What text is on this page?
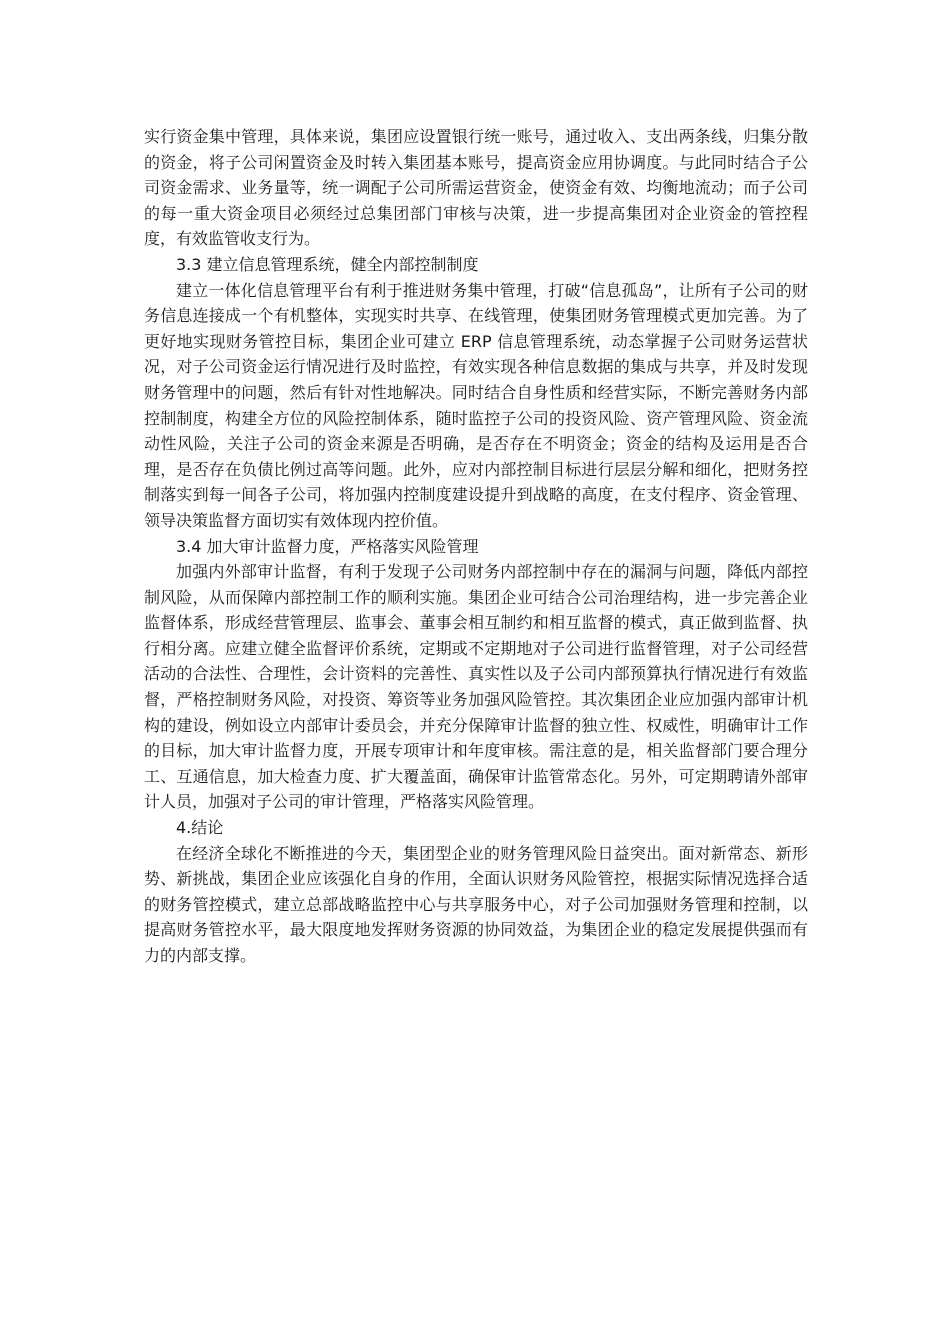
实行资金集中管理，具体来说，集团应设置银行统一账号，通过收入、支出两条线，归集分散的资金，将子公司闲置资金及时转入集团基本账号，提高资金应用协调度。与此同时结合子公司资金需求、业务量等，统一调配子公司所需运营资金，使资金有效、均衡地流动；而子公司的每一重大资金项目必须经过总集团部门审核与决策，进一步提高集团对企业资金的管控程度，有效监管收支行为。

3.3 建立信息管理系统，健全内部控制制度

建立一体化信息管理平台有利于推进财务集中管理，打破“信息孤岛”，让所有子公司的财务信息连接成一个有机整体，实现实时共享、在线管理，使集团财务管理模式更加完善。为了更好地实现财务管控目标，集团企业可建立 ERP 信息管理系统，动态掌握子公司财务运营状况，对子公司资金运行情况进行及时监控，有效实现各种信息数据的集成与共享，并及时发现财务管理中的问题，然后有针对性地解决。同时结合自身性质和经营实际，不断完善财务内部控制制度，构建全方位的风险控制体系，随时监控子公司的投资风险、资产管理风险、资金流动性风险，关注子公司的资金来源是否明确，是否存在不明资金；资金的结构及运用是否合理，是否存在负债比例过高等问题。此外，应对内部控制目标进行层层分解和细化，把财务控制落实到每一间各子公司，将加强内控制度建设提升到战略的高度，在支付程序、资金管理、领导决策监督方面切实有效体现内控价值。

3.4 加大审计监督力度，严格落实风险管理

加强内外部审计监督，有利于发现子公司财务内部控制中存在的漏洞与问题，降低内部控制风险，从而保障内部控制工作的顺利实施。集团企业可结合公司治理结构，进一步完善企业监督体系，形成经营管理层、监事会、董事会相互制约和相互监督的模式，真正做到监督、执行相分离。应建立健全监督评价系统，定期或不定期地对子公司进行监督管理，对子公司经营活动的合法性、合理性，会计资料的完善性、真实性以及子公司内部预算执行情况进行有效监督，严格控制财务风险，对投资、筹资等业务加强风险管控。其次集团企业应加强内部审计机构的建设，例如设立内部审计委员会，并充分保障审计监督的独立性、权威性，明确审计工作的目标，加大审计监督力度，开展专项审计和年度审核。需注意的是，相关监督部门要合理分工、互通信息，加大检查力度、扩大覆盖面，确保审计监管常态化。另外，可定期聘请外部审计人员，加强对子公司的审计管理，严格落实风险管理。

4.结论

在经济全球化不断推进的今天，集团型企业的财务管理风险日益突出。面对新常态、新形势、新挑战，集团企业应该强化自身的作用，全面认识财务风险管控，根据实际情况选择合适的财务管控模式，建立总部战略监控中心与共享服务中心，对子公司加强财务管理和控制，以提高财务管控水平，最大限度地发挥财务资源的协同效益，为集团企业的稳定发展提供强而有力的内部支撑。
